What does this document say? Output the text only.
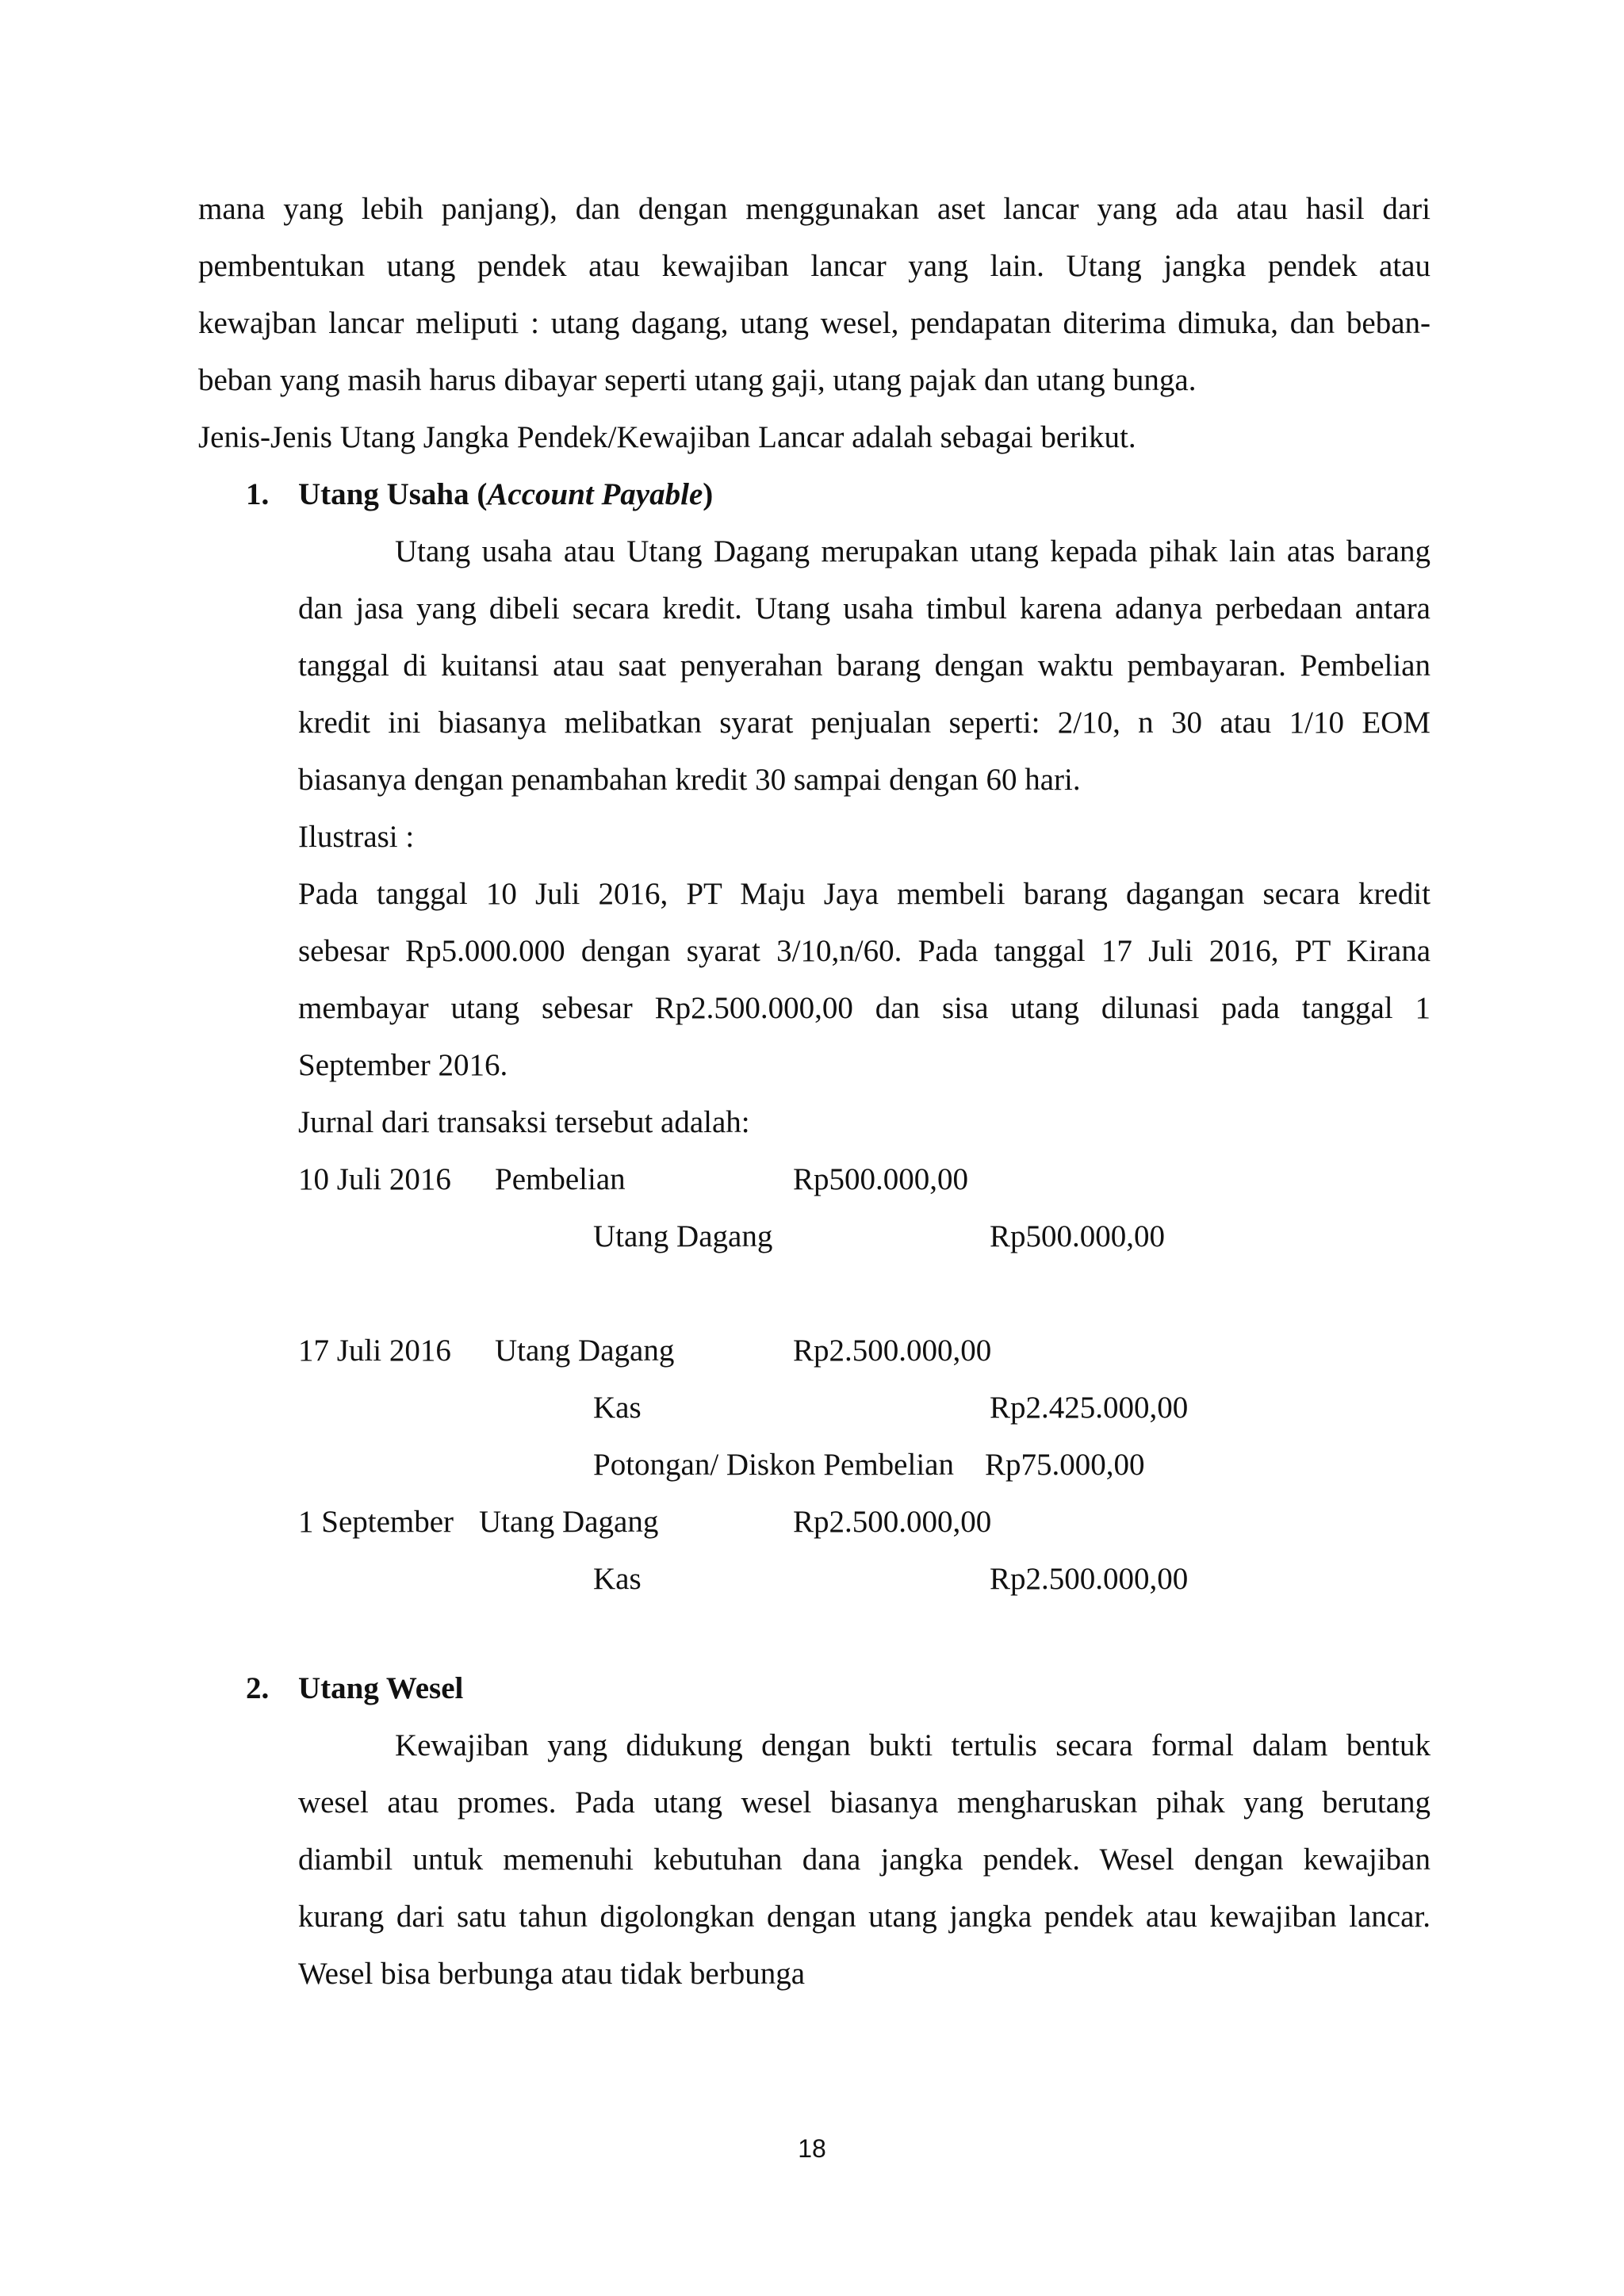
mana yang lebih panjang), dan dengan menggunakan aset lancar yang ada atau hasil dari
pembentukan utang pendek atau kewajiban lancar yang lain. Utang jangka pendek atau
kewajban lancar meliputi : utang dagang, utang wesel, pendapatan diterima dimuka, dan beban-
beban yang masih harus dibayar seperti utang gaji, utang pajak dan utang bunga.
Jenis-Jenis Utang Jangka Pendek/Kewajiban Lancar adalah sebagai berikut.
1. Utang Usaha (Account Payable)
Utang usaha atau Utang Dagang merupakan utang kepada pihak lain atas barang
dan jasa yang dibeli secara kredit. Utang usaha timbul karena adanya perbedaan antara
tanggal di kuitansi atau saat penyerahan barang dengan waktu pembayaran. Pembelian
kredit ini biasanya melibatkan syarat penjualan seperti: 2/10, n 30 atau 1/10 EOM
biasanya dengan penambahan kredit 30 sampai dengan 60 hari.
Ilustrasi :
Pada tanggal 10 Juli 2016, PT Maju Jaya membeli barang dagangan secara kredit
sebesar Rp5.000.000 dengan syarat 3/10,n/60. Pada tanggal 17 Juli 2016, PT Kirana
membayar utang sebesar Rp2.500.000,00 dan sisa utang dilunasi pada tanggal 1
September 2016.
Jurnal dari transaksi tersebut adalah:
10 Juli 2016 Pembelian	Rp500.000,00
Utang Dagang	Rp500.000,00
17 Juli 2016 Utang Dagang	Rp2.500.000,00
Kas	Rp2.425.000,00
Potongan/ Diskon Pembelian Rp75.000,00
1 September Utang Dagang	Rp2.500.000,00
Kas	Rp2.500.000,00
2. Utang Wesel
Kewajiban yang didukung dengan bukti tertulis secara formal dalam bentuk
wesel atau promes. Pada utang wesel biasanya mengharuskan pihak yang berutang
diambil untuk memenuhi kebutuhan dana jangka pendek. Wesel dengan kewajiban
kurang dari satu tahun digolongkan dengan utang jangka pendek atau kewajiban lancar.
Wesel bisa berbunga atau tidak berbunga
18
